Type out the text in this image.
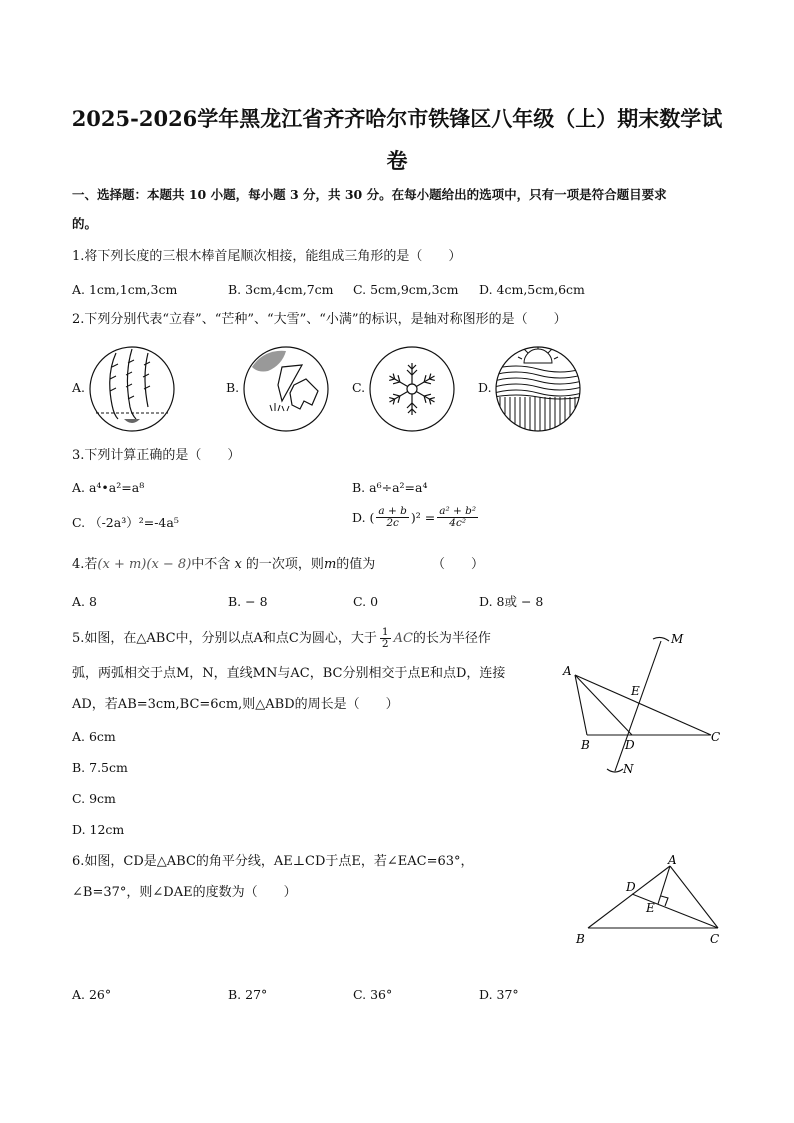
2025-2026学年黑龙江省齐齐哈尔市铁锋区八年级（上）期末数学试
卷
一、选择题：本题共 10 小题，每小题 3 分，共 30 分。在每小题给出的选项中，只有一项是符合题目要求
的。
1.将下列长度的三根木棒首尾顺次相接，能组成三角形的是（　　）
A. 1cm,1cm,3cm	B. 3cm,4cm,7cm C. 5cm,9cm,3cm D. 4cm,5cm,6cm
2.下列分别代表“立春”、“芒种”、“大雪”、“小满”的标识，是轴对称图形的是（　　）
A.	B.	C.	D.
3.下列计算正确的是（　　）
A. a⁴•a²=a⁸	B. a⁶÷a²=a⁴
C. （-2a³）²=-4a⁵	D. ( $\frac{a + b}{2c} )^2 = \frac{\text{a² + b²}}{\text{4c²}}$
4.若(x + m)(x − 8)中不含 x 的一次项，则m的值为	（　　）
A. 8	B. − 8	C. 0	D. 8或 − 8
5.如图，在△ABC中，分别以点A和点C为圆心，大于 $\frac{1}{2}$ AC 的长为半径作
弧，两弧相交于点M，N，直线MN与AC，BC分别相交于点E和点D，连接
AD，若AB=3cm,BC=6cm,则△ABD的周长是（　　）
A. 6cm
B. 7.5cm
C. 9cm
D. 12cm
M
A
E
B	D
C
N
6.如图，CD是△ABC的角平分线，AE⊥CD于点E，若∠EAC=63°，
∠B=37°，则∠DAE的度数为（　　）
A
D
E
B	C
A. 26°	B. 27°	C. 36°	D. 37°
